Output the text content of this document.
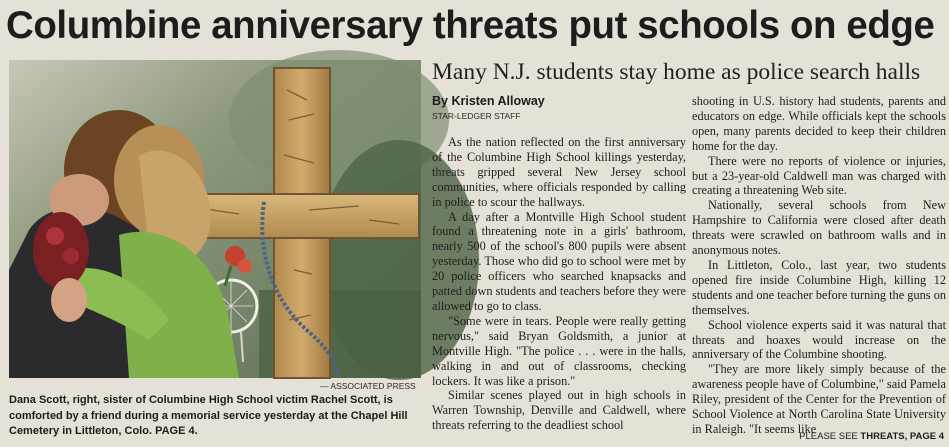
Columbine anniversary threats put schools on edge
— ASSOCIATED PRESS
Dana Scott, right, sister of Columbine High School victim Rachel Scott, is comforted by a friend during a memorial service yesterday at the Chapel Hill Cemetery in Littleton, Colo. PAGE 4.
Many N.J. students stay home as police search halls
By Kristen Alloway
STAR-LEDGER STAFF

As the nation reflected on the first anniversary of the Columbine High School killings yesterday, threats gripped several New Jersey school communities, where officials responded by calling in police to scour the hallways.

A day after a Montville High School student found a threatening note in a girls' bathroom, nearly 500 of the school's 800 pupils were absent yesterday. Those who did go to school were met by 20 police officers who searched knapsacks and patted down students and teachers before they were allowed to go to class.

"Some were in tears. People were really getting nervous," said Bryan Goldsmith, a junior at Montville High. "The police . . . were in the halls, walking in and out of classrooms, checking lockers. It was like a prison."

Similar scenes played out in high schools in Warren Township, Denville and Caldwell, where threats referring to the deadliest school

shooting in U.S. history had students, parents and educators on edge. While officials kept the schools open, many parents decided to keep their children home for the day.

There were no reports of violence or injuries, but a 23-year-old Caldwell man was charged with creating a threatening Web site.

Nationally, several schools from New Hampshire to California were closed after death threats were scrawled on bathroom walls and in anonymous notes.

In Littleton, Colo., last year, two students opened fire inside Columbine High, killing 12 students and one teacher before turning the guns on themselves.

School violence experts said it was natural that threats and hoaxes would increase on the anniversary of the Columbine shooting.

"They are more likely simply because of the awareness people have of Columbine," said Pamela Riley, president of the Center for the Prevention of School Violence at North Carolina State University in Raleigh. "It seems like

PLEASE SEE THREATS, PAGE 4
